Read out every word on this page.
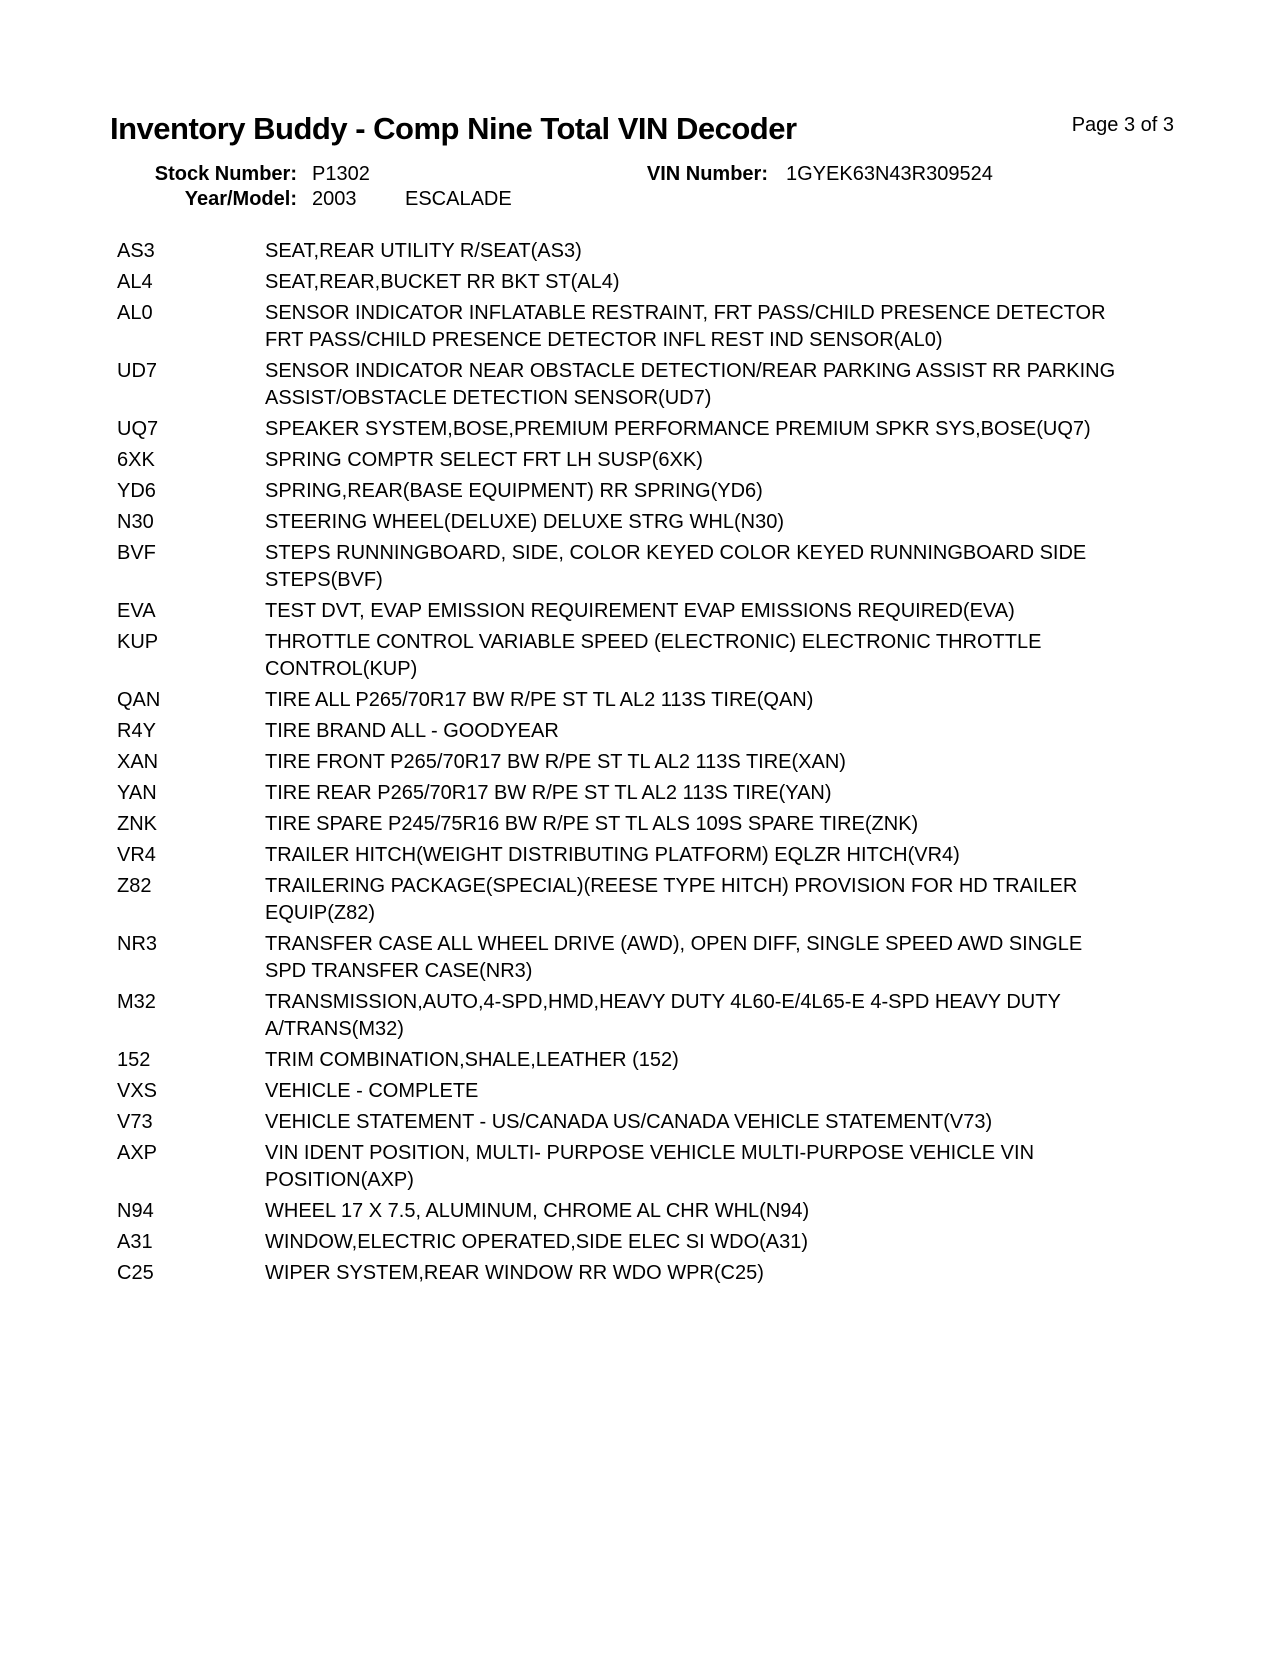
Inventory Buddy - Comp Nine Total VIN Decoder	Page 3 of 3
Stock Number: P1302	VIN Number: 1GYEK63N43R309524
Year/Model: 2003 ESCALADE
AS3	SEAT,REAR UTILITY R/SEAT(AS3)
AL4	SEAT,REAR,BUCKET RR BKT ST(AL4)
AL0	SENSOR INDICATOR INFLATABLE RESTRAINT, FRT PASS/CHILD PRESENCE DETECTOR
FRT PASS/CHILD PRESENCE DETECTOR INFL REST IND SENSOR(AL0)
UD7	SENSOR INDICATOR NEAR OBSTACLE DETECTION/REAR PARKING ASSIST RR PARKING
ASSIST/OBSTACLE DETECTION SENSOR(UD7)
UQ7	SPEAKER SYSTEM,BOSE,PREMIUM PERFORMANCE PREMIUM SPKR SYS,BOSE(UQ7)
6XK	SPRING COMPTR SELECT FRT LH SUSP(6XK)
YD6	SPRING,REAR(BASE EQUIPMENT) RR SPRING(YD6)
N30	STEERING WHEEL(DELUXE) DELUXE STRG WHL(N30)
BVF	STEPS RUNNINGBOARD, SIDE, COLOR KEYED COLOR KEYED RUNNINGBOARD SIDE
STEPS(BVF)
EVA	TEST DVT, EVAP EMISSION REQUIREMENT EVAP EMISSIONS REQUIRED(EVA)
KUP	THROTTLE CONTROL VARIABLE SPEED (ELECTRONIC) ELECTRONIC THROTTLE
CONTROL(KUP)
QAN	TIRE ALL P265/70R17 BW R/PE ST TL AL2 113S TIRE(QAN)
R4Y	TIRE BRAND ALL - GOODYEAR
XAN	TIRE FRONT P265/70R17 BW R/PE ST TL AL2 113S TIRE(XAN)
YAN	TIRE REAR P265/70R17 BW R/PE ST TL AL2 113S TIRE(YAN)
ZNK	TIRE SPARE P245/75R16 BW R/PE ST TL ALS 109S SPARE TIRE(ZNK)
VR4	TRAILER HITCH(WEIGHT DISTRIBUTING PLATFORM) EQLZR HITCH(VR4)
Z82	TRAILERING PACKAGE(SPECIAL)(REESE TYPE HITCH) PROVISION FOR HD TRAILER
EQUIP(Z82)
NR3	TRANSFER CASE ALL WHEEL DRIVE (AWD), OPEN DIFF, SINGLE SPEED AWD SINGLE
SPD TRANSFER CASE(NR3)
M32	TRANSMISSION,AUTO,4-SPD,HMD,HEAVY DUTY 4L60-E/4L65-E 4-SPD HEAVY DUTY
A/TRANS(M32)
152	TRIM COMBINATION,SHALE,LEATHER (152)
VXS	VEHICLE - COMPLETE
V73	VEHICLE STATEMENT - US/CANADA US/CANADA VEHICLE STATEMENT(V73)
AXP	VIN IDENT POSITION, MULTI- PURPOSE VEHICLE MULTI-PURPOSE VEHICLE VIN
POSITION(AXP)
N94	WHEEL 17 X 7.5, ALUMINUM, CHROME AL CHR WHL(N94)
A31	WINDOW,ELECTRIC OPERATED,SIDE ELEC SI WDO(A31)
C25	WIPER SYSTEM,REAR WINDOW RR WDO WPR(C25)
